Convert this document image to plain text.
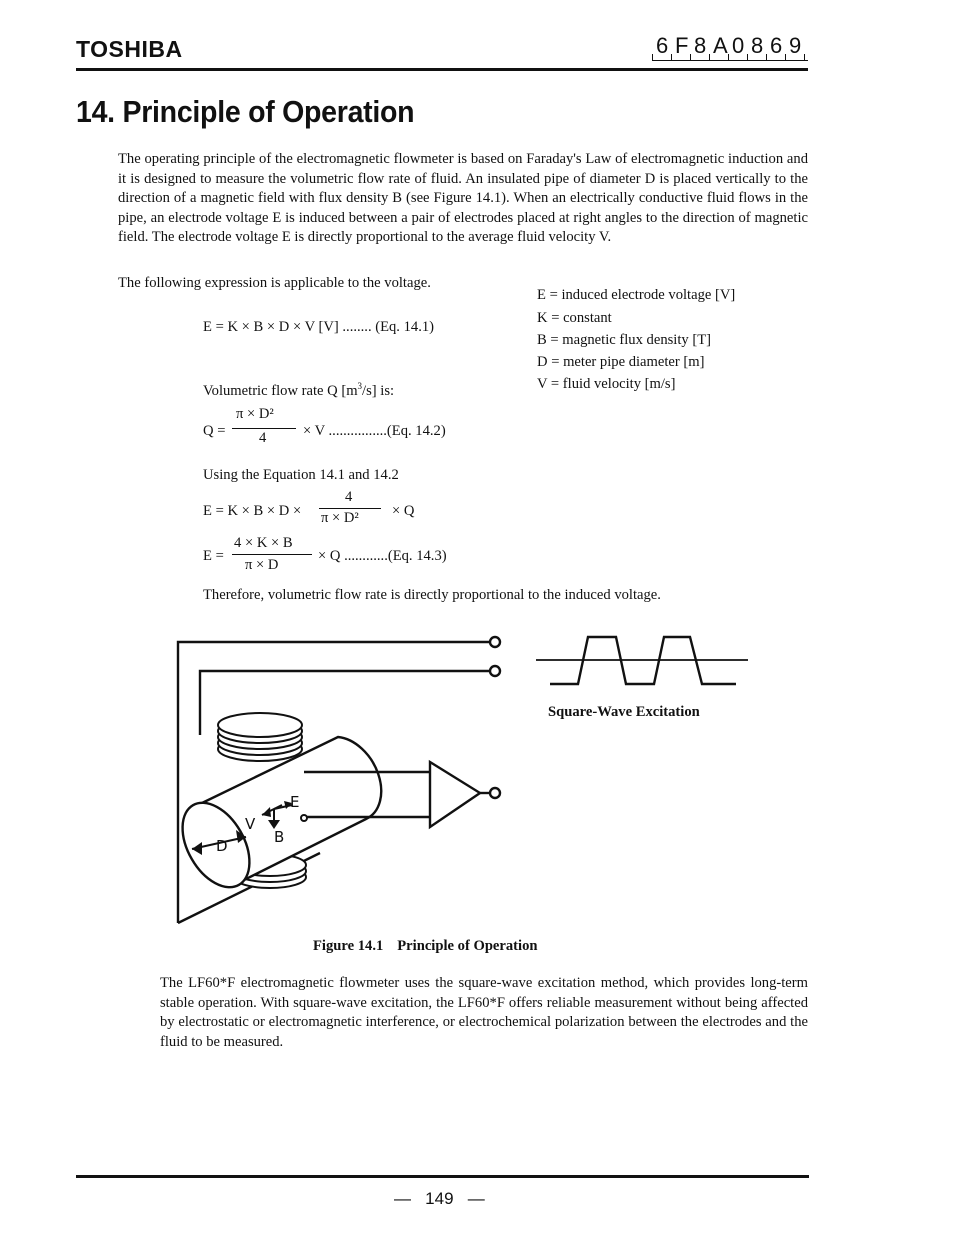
TOSHIBA	6 F 8 A 0 8 6 9
14. Principle of Operation
The operating principle of the electromagnetic flowmeter is based on Faraday's Law of electromagnetic induction and it is designed to measure the volumetric flow rate of fluid. An insulated pipe of diameter D is placed vertically to the direction of a magnetic field with flux density B (see Figure 14.1). When an electrically conductive fluid flows in the pipe, an electrode voltage E is induced between a pair of electrodes placed at right angles to the direction of magnetic field. The electrode voltage E is directly proportional to the average fluid velocity V.
The following expression is applicable to the voltage.
E = K × B × D × V [V] ........ (Eq. 14.1)
Volumetric flow rate Q $[m^3/s]$ is:
Q =
π × D²
4	× V ................(Eq. 14.2)
Using the Equation 14.1 and 14.2
E = K × B × D ×
4
π × D² × Q
E =
4 × K × B
π × D
× Q ............(Eq. 14.3)
Therefore, volumetric flow rate is directly proportional to the induced voltage.
E = induced electrode voltage [V]
K = constant
B = magnetic flux density [T]
D = meter pipe diameter [m]
V = fluid velocity [m/s]
E
V
B
D
Square-Wave Excitation
Figure 14.1 Principle of Operation
The LF60*F electromagnetic flowmeter uses the square-wave excitation method, which provides long-term stable operation. With square-wave excitation, the LF60*F offers reliable measurement without being affected by electrostatic or electromagnetic interference, or electrochemical polarization between the electrodes and the fluid to be measured.
—   149   —
